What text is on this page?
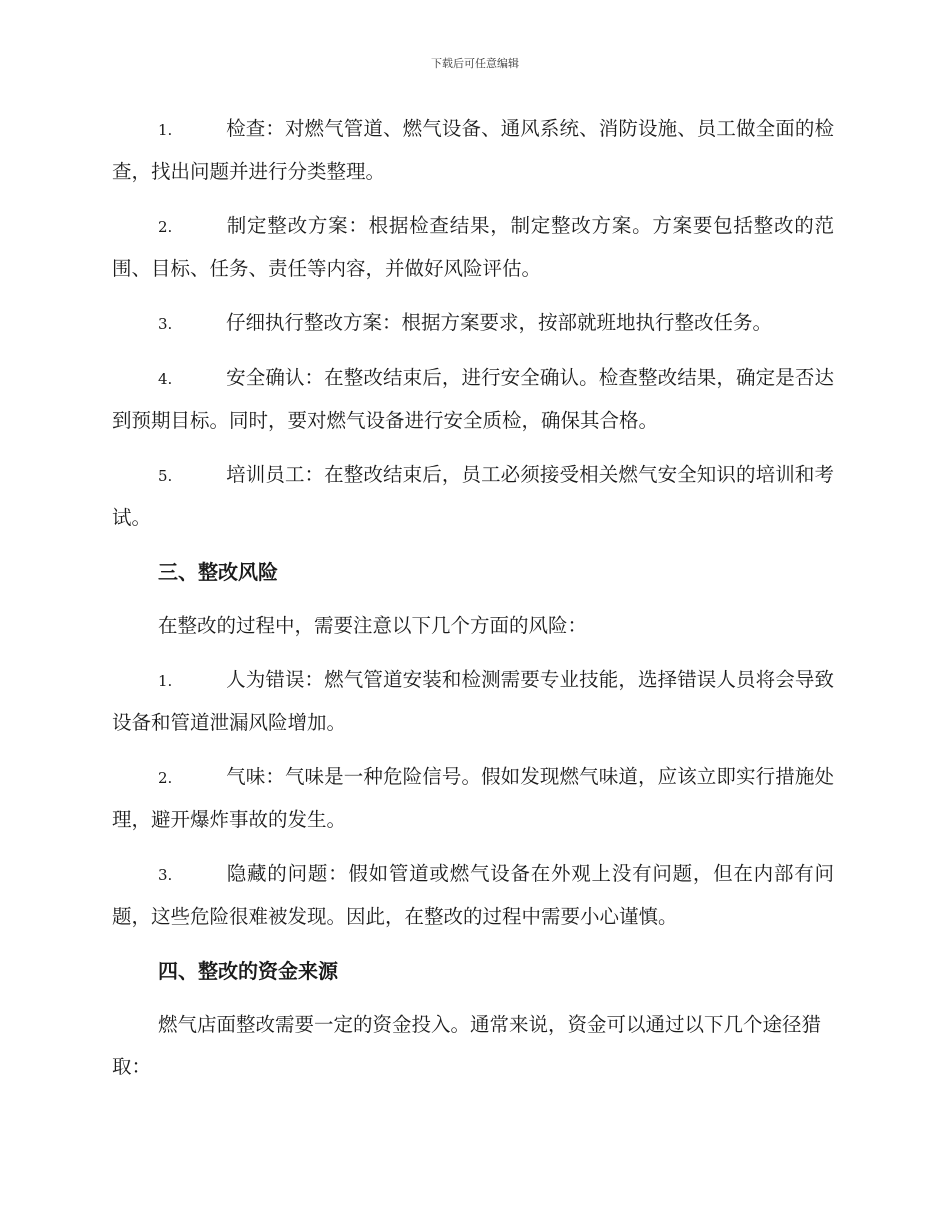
下载后可任意编辑

1.	检查：对燃气管道、燃气设备、通风系统、消防设施、员工做全面的检查，找出问题并进行分类整理。

2.	制定整改方案：根据检查结果，制定整改方案。方案要包括整改的范围、目标、任务、责任等内容，并做好风险评估。

3.	仔细执行整改方案：根据方案要求，按部就班地执行整改任务。

4.	安全确认：在整改结束后，进行安全确认。检查整改结果，确定是否达到预期目标。同时，要对燃气设备进行安全质检，确保其合格。

5.	培训员工：在整改结束后，员工必须接受相关燃气安全知识的培训和考试。

三、整改风险

在整改的过程中，需要注意以下几个方面的风险：

1.	人为错误：燃气管道安装和检测需要专业技能，选择错误人员将会导致设备和管道泄漏风险增加。

2.	气味：气味是一种危险信号。假如发现燃气味道，应该立即实行措施处理，避开爆炸事故的发生。

3.	隐藏的问题：假如管道或燃气设备在外观上没有问题，但在内部有问题，这些危险很难被发现。因此，在整改的过程中需要小心谨慎。

四、整改的资金来源

燃气店面整改需要一定的资金投入。通常来说，资金可以通过以下几个途径猎取：
